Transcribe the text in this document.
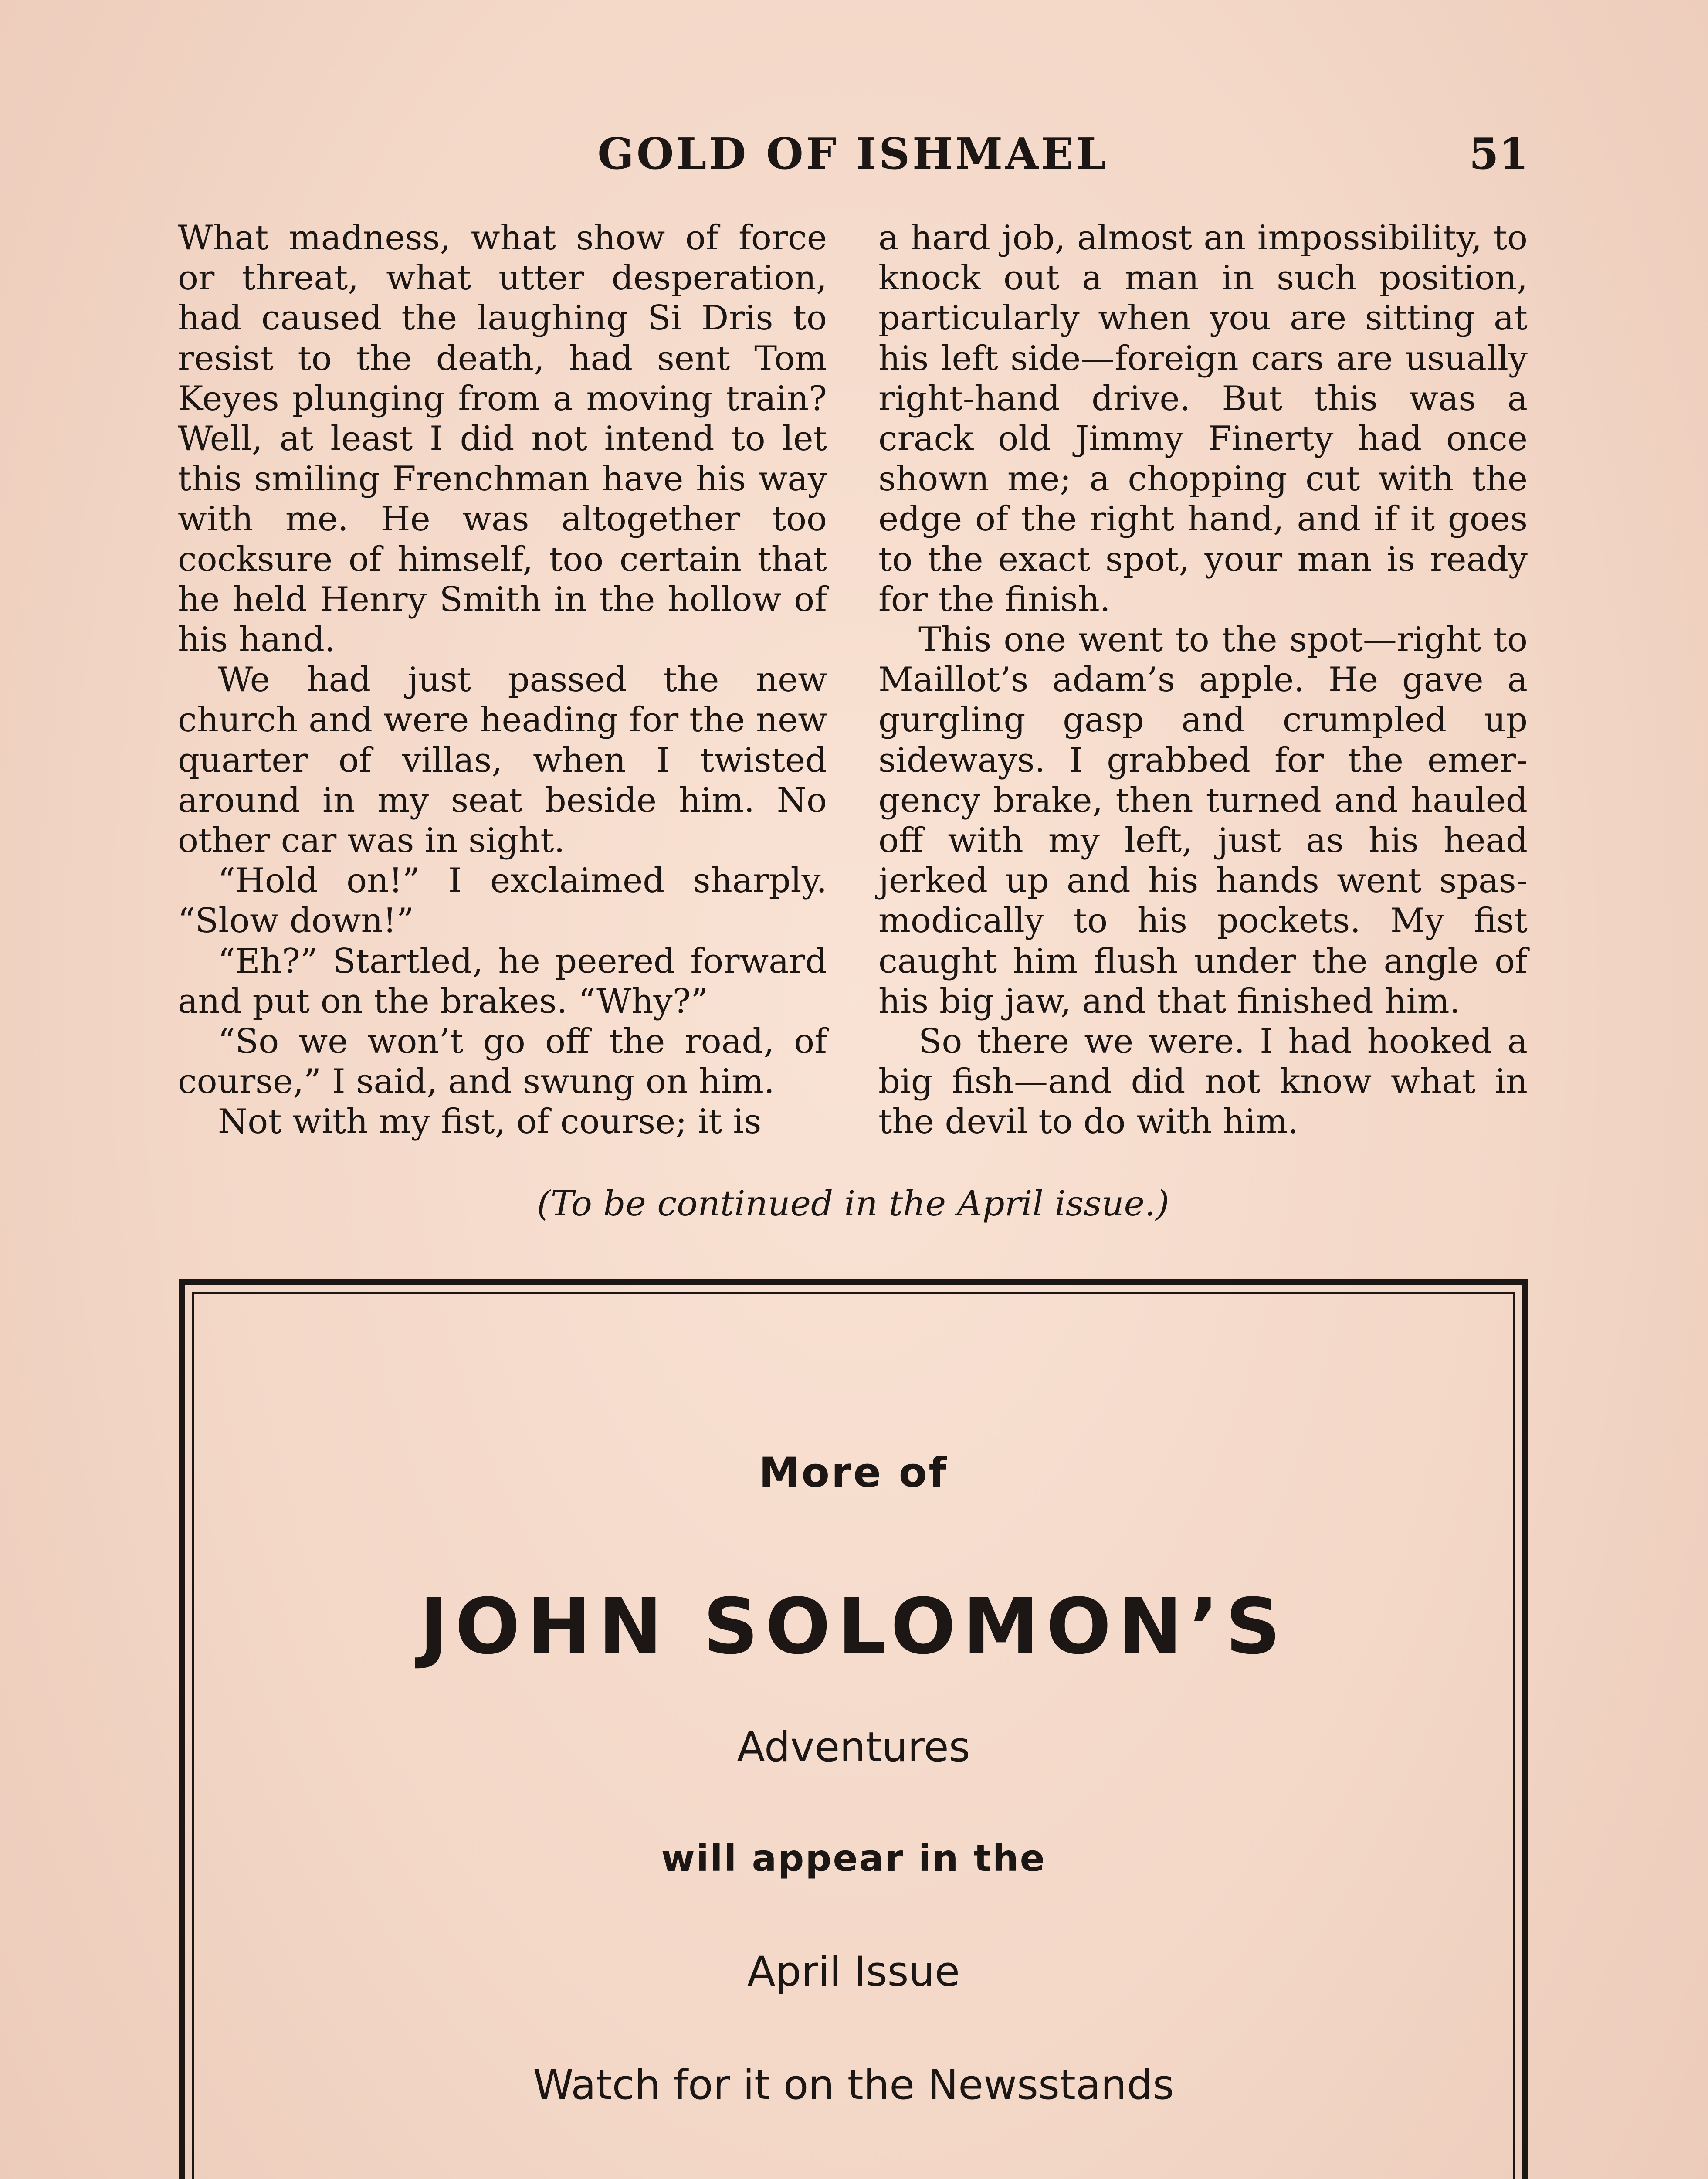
GOLD OF ISHMAEL	51

What madness, what show of force or threat, what utter desperation, had caused the laughing Si Dris to resist to the death, had sent Tom Keyes plunging from a moving train? Well, at least I did not intend to let this smiling Frenchman have his way with me. He was altogether too cocksure of himself, too certain that he held Henry Smith in the hollow of his hand.

We had just passed the new church and were heading for the new quarter of villas, when I twisted around in my seat beside him. No other car was in sight.

“Hold on!” I exclaimed sharply. “Slow down!”

“Eh?” Startled, he peered forward and put on the brakes. “Why?”

“So we won’t go off the road, of course,” I said, and swung on him.

Not with my fist, of course; it is

a hard job, almost an impossibility, to knock out a man in such position, particularly when you are sitting at his left side—foreign cars are usually right-hand drive. But this was a crack old Jimmy Finerty had once shown me; a chopping cut with the edge of the right hand, and if it goes to the exact spot, your man is ready for the finish.

This one went to the spot—right to Maillot’s adam’s apple. He gave a gurgling gasp and crumpled up sideways. I grabbed for the emergency brake, then turned and hauled off with my left, just as his head jerked up and his hands went spasmodically to his pockets. My fist caught him flush under the angle of his big jaw, and that finished him.

So there we were. I had hooked a big fish—and did not know what in the devil to do with him.

(To be continued in the April issue.)
More of
JOHN SOLOMON’S
Adventures
will appear in the
April Issue
Watch for it on the Newsstands
